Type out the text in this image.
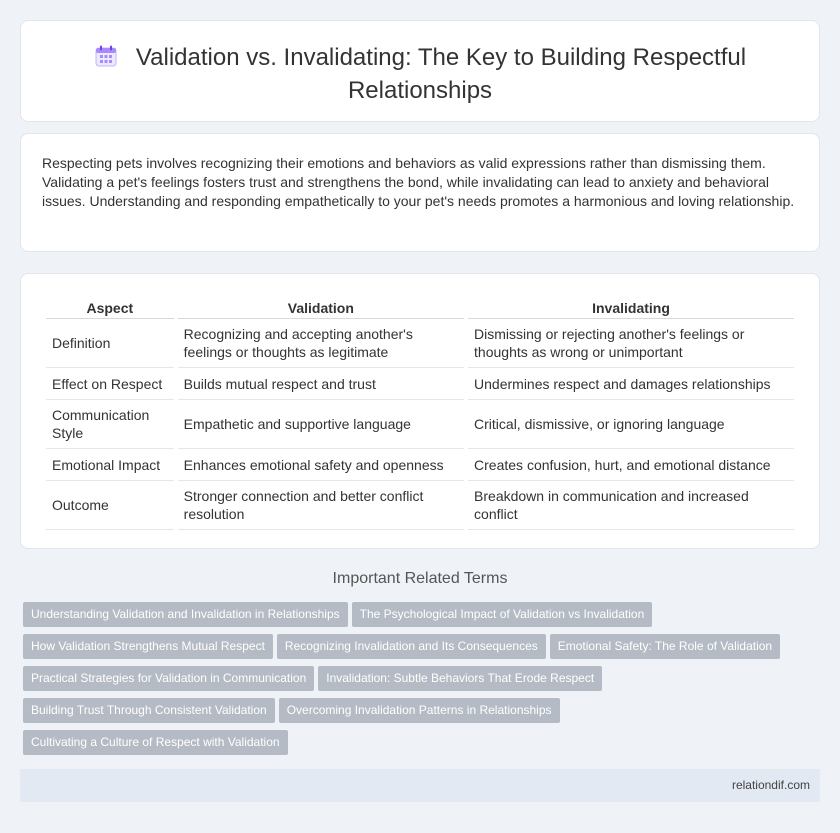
Validation vs. Invalidating: The Key to Building Respectful
Relationships

Respecting pets involves recognizing their emotions and behaviors as valid expressions rather than dismissing them. Validating a pet's feelings fosters trust and strengthens the bond, while invalidating can lead to anxiety and behavioral issues. Understanding and responding empathetically to your pet's needs promotes a harmonious and loving relationship.

Aspect	Validation	Invalidating
Definition	Recognizing and accepting another's feelings or thoughts as legitimate	Dismissing or rejecting another's feelings or thoughts as wrong or unimportant
Effect on Respect	Builds mutual respect and trust	Undermines respect and damages relationships
Communication Style	Empathetic and supportive language	Critical, dismissive, or ignoring language
Emotional Impact	Enhances emotional safety and openness	Creates confusion, hurt, and emotional distance
Outcome	Stronger connection and better conflict resolution	Breakdown in communication and increased conflict
Important Related Terms
Understanding Validation and Invalidation in Relationships The Psychological Impact of Validation vs Invalidation
How Validation Strengthens Mutual Respect Recognizing Invalidation and Its Consequences Emotional Safety: The Role of Validation
Practical Strategies for Validation in Communication Invalidation: Subtle Behaviors That Erode Respect
Building Trust Through Consistent Validation Overcoming Invalidation Patterns in Relationships
Cultivating a Culture of Respect with Validation
relationdif.com
